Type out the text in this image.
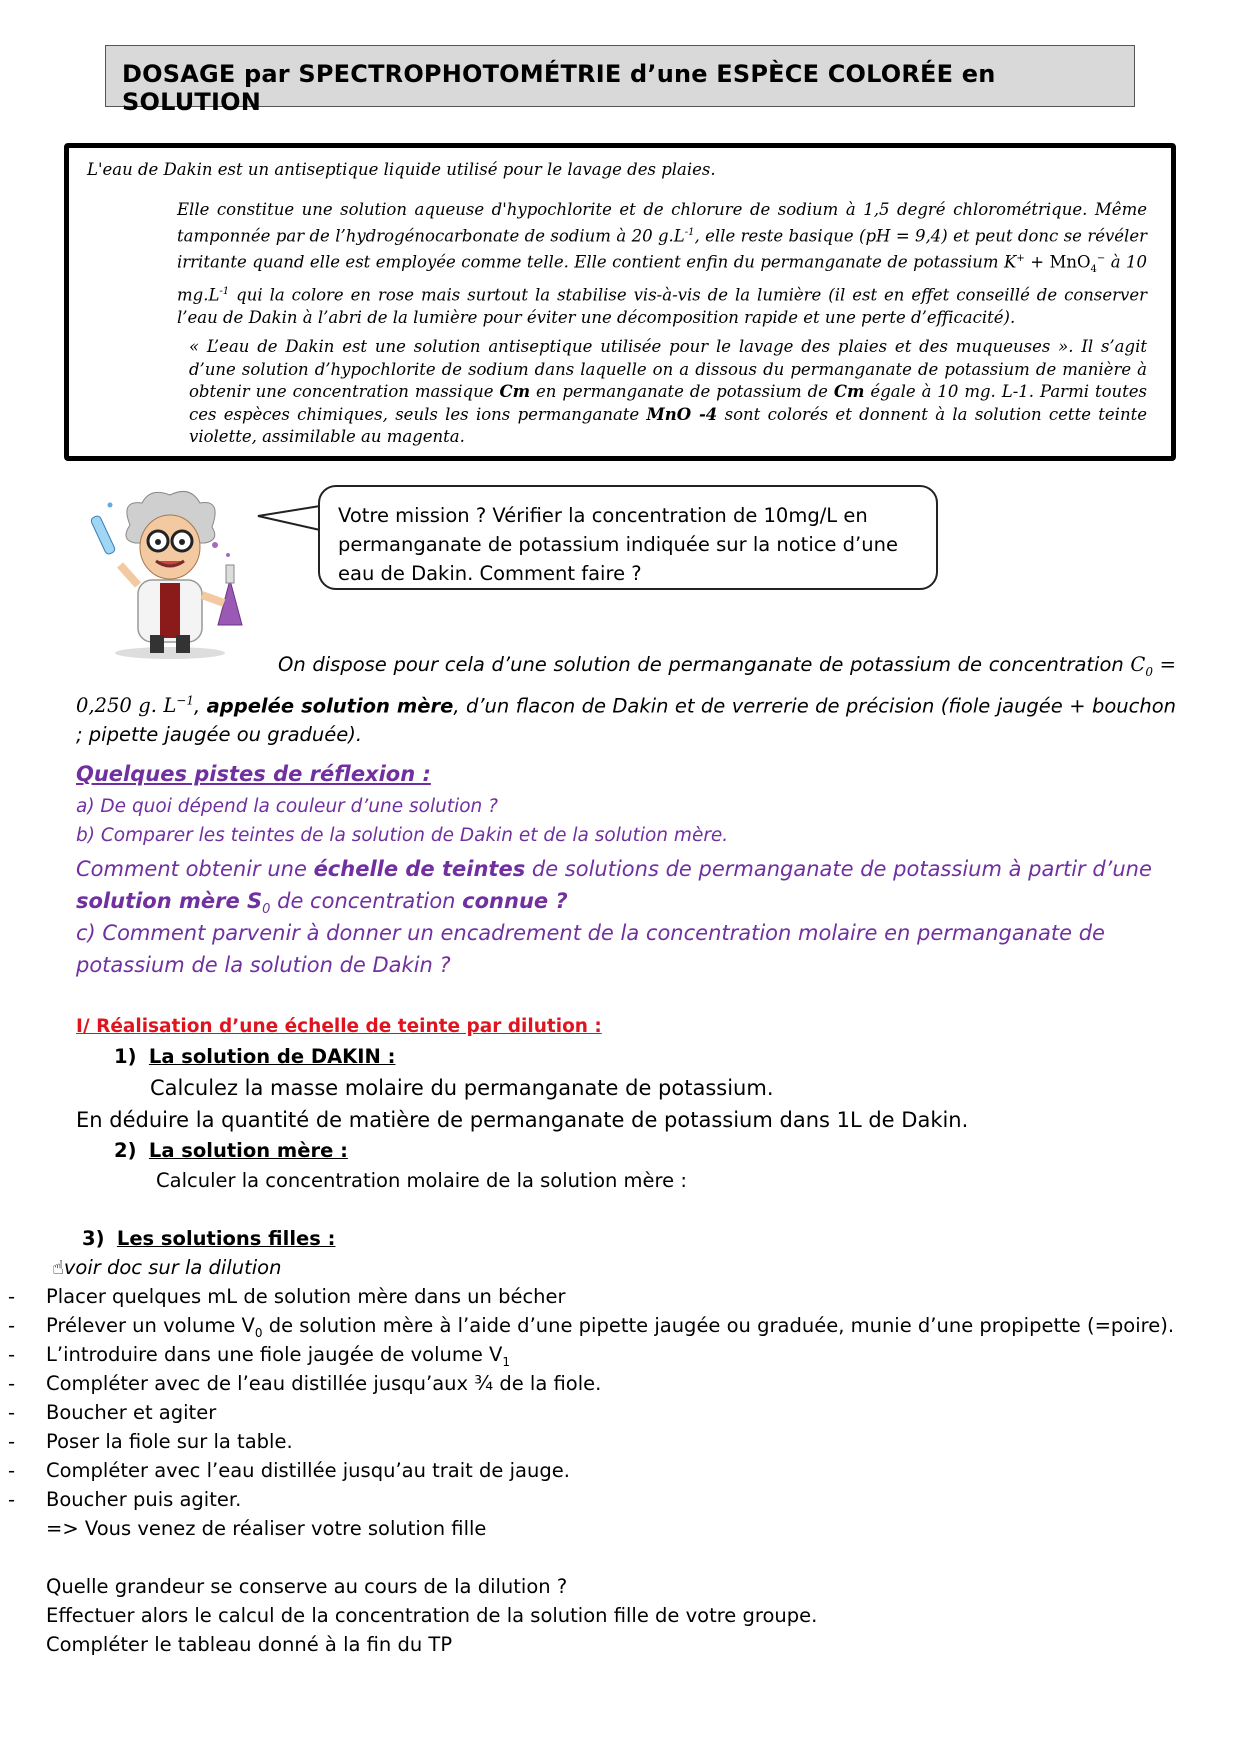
DOSAGE par SPECTROPHOTOMÉTRIE d’une ESPÈCE COLORÉE en SOLUTION

L'eau de Dakin est un antiseptique liquide utilisé pour le lavage des plaies.

Elle constitue une solution aqueuse d'hypochlorite et de chlorure de sodium à 1,5 degré chlorométrique. Même tamponnée par de l’hydrogénocarbonate de sodium à 20 $g.L^{-1}$, elle reste basique (pH = 9,4) et peut donc se révéler irritante quand elle est employée comme telle. Elle contient enfin du permanganate de potassium K+ + MnO$_4$− à 10 $mg.L^{-1}$ qui la colore en rose mais surtout la stabilise vis-à-vis de la lumière (il est en effet conseillé de conserver l’eau de Dakin à l’abri de la lumière pour éviter une décomposition rapide et une perte d’efficacité).

« L’eau de Dakin est une solution antiseptique utilisée pour le lavage des plaies et des muqueuses ». Il s’agit d’une solution d’hypochlorite de sodium dans laquelle on a dissous du permanganate de potassium de manière à obtenir une concentration massique Cm en permanganate de potassium de Cm égale à 10 mg. L-1. Parmi toutes ces espèces chimiques, seuls les ions permanganate MnO -4 sont colorés et donnent à la solution cette teinte violette, assimilable au magenta.

Votre mission ? Vérifier la concentration de 10mg/L en permanganate de potassium indiquée sur la notice d’une eau de Dakin. Comment faire ?
On dispose pour cela d’une solution de permanganate de potassium de concentration $C_0 = 0,250$ g. $L^{-1}$, appelée solution mère, d’un flacon de Dakin et de verrerie de précision (fiole jaugée + bouchon ; pipette jaugée ou graduée).
Quelques pistes de réflexion :
a) De quoi dépend la couleur d’une solution ?
b) Comparer les teintes de la solution de Dakin et de la solution mère.
Comment obtenir une échelle de teintes de solutions de permanganate de potassium à partir d’une solution mère $S_0$ de concentration connue ?
c) Comment parvenir à donner un encadrement de la concentration molaire en permanganate de potassium de la solution de Dakin ?
I/ Réalisation d’une échelle de teinte par dilution :
1) La solution de DAKIN :
Calculez la masse molaire du permanganate de potassium.
En déduire la quantité de matière de permanganate de potassium dans 1L de Dakin.
2) La solution mère :
Calculer la concentration molaire de la solution mère :
3) Les solutions filles :
☝voir doc sur la dilution
- Placer quelques mL de solution mère dans un bécher
- Prélever un volume $V_0$ de solution mère à l’aide d’une pipette jaugée ou graduée, munie d’une propipette (=poire).
- L’introduire dans une fiole jaugée de volume $V_1$
- Compléter avec de l’eau distillée jusqu’aux ¾ de la fiole.
- Boucher et agiter
- Poser la fiole sur la table.
- Compléter avec l’eau distillée jusqu’au trait de jauge.
- Boucher puis agiter.
=> Vous venez de réaliser votre solution fille
Quelle grandeur se conserve au cours de la dilution ?
Effectuer alors le calcul de la concentration de la solution fille de votre groupe.
Compléter le tableau donné à la fin du TP
